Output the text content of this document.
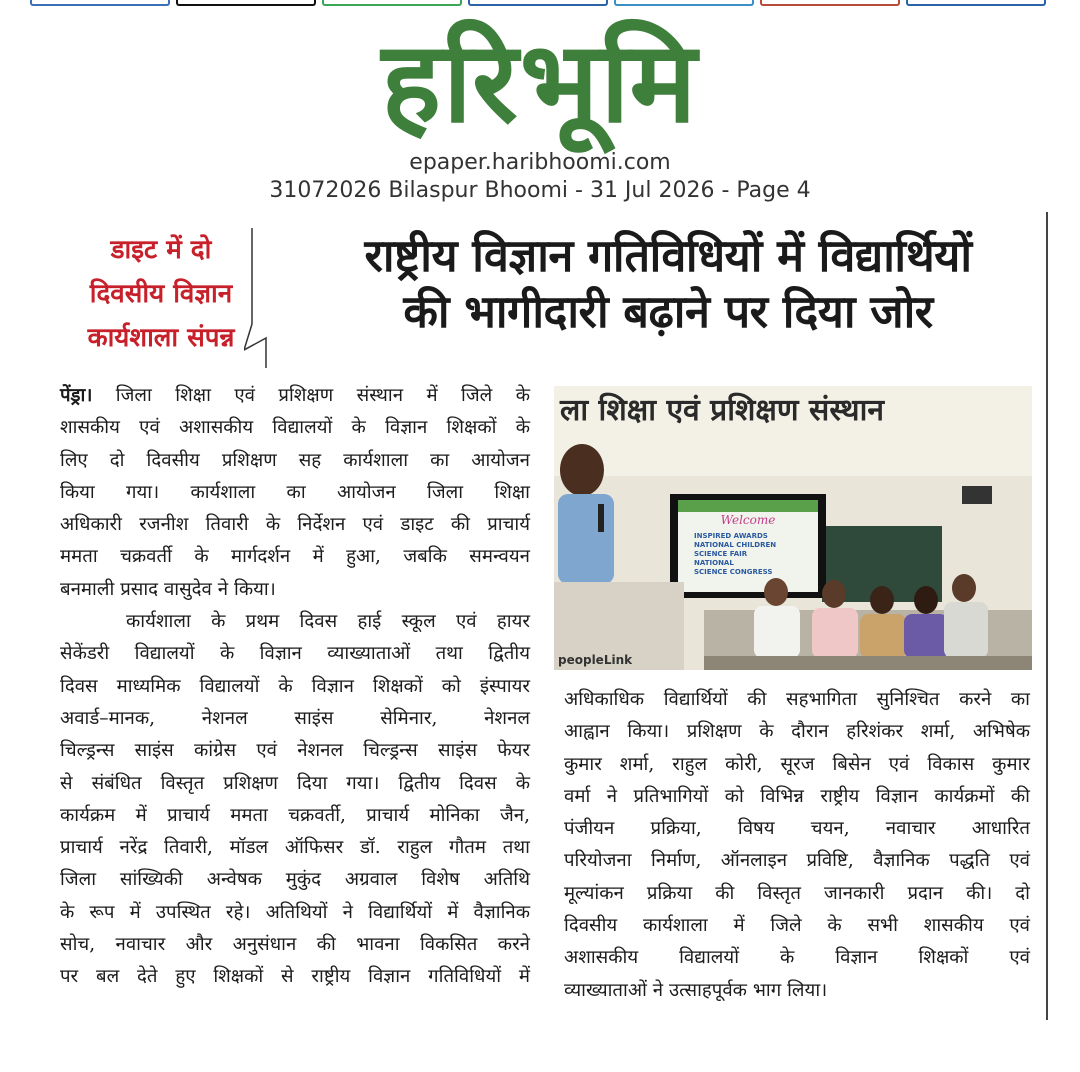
हरिभूमि
epaper.haribhoomi.com
31072026 Bilaspur Bhoomi - 31 Jul 2026 - Page 4
डाइट में दो
दिवसीय विज्ञान
कार्यशाला संपन्न
राष्ट्रीय विज्ञान गतिविधियों में विद्यार्थियों
की भागीदारी बढ़ाने पर दिया जोर
पेंड्रा। जिला शिक्षा एवं प्रशिक्षण संस्थान में जिले के
शासकीय एवं अशासकीय विद्यालयों के विज्ञान शिक्षकों के
लिए दो दिवसीय प्रशिक्षण सह कार्यशाला का आयोजन
किया गया। कार्यशाला का आयोजन जिला शिक्षा
अधिकारी रजनीश तिवारी के निर्देशन एवं डाइट की प्राचार्य
ममता चक्रवर्ती के मार्गदर्शन में हुआ, जबकि समन्वयन
बनमाली प्रसाद वासुदेव ने किया।
कार्यशाला के प्रथम दिवस हाई स्कूल एवं हायर
सेकेंडरी विद्यालयों के विज्ञान व्याख्याताओं तथा द्वितीय
दिवस माध्यमिक विद्यालयों के विज्ञान शिक्षकों को इंस्पायर
अवार्ड–मानक, नेशनल साइंस सेमिनार, नेशनल
चिल्ड्रन्स साइंस कांग्रेस एवं नेशनल चिल्ड्रन्स साइंस फेयर
से संबंधित विस्तृत प्रशिक्षण दिया गया। द्वितीय दिवस के
कार्यक्रम में प्राचार्य ममता चक्रवर्ती, प्राचार्य मोनिका जैन,
प्राचार्य नरेंद्र तिवारी, मॉडल ऑफिसर डॉ. राहुल गौतम तथा
जिला सांख्यिकी अन्वेषक मुकुंद अग्रवाल विशेष अतिथि
के रूप में उपस्थित रहे। अतिथियों ने विद्यार्थियों में वैज्ञानिक
सोच, नवाचार और अनुसंधान की भावना विकसित करने
पर बल देते हुए शिक्षकों से राष्ट्रीय विज्ञान गतिविधियों में
ला शिक्षा एवं प्रशिक्षण संस्थान
Welcome
INSPIRED AWARDS
NATIONAL CHILDREN
SCIENCE FAIR
NATIONAL
SCIENCE CONGRESS
peopleLink
अधिकाधिक विद्यार्थियों की सहभागिता सुनिश्चित करने का
आह्वान किया। प्रशिक्षण के दौरान हरिशंकर शर्मा, अभिषेक
कुमार शर्मा, राहुल कोरी, सूरज बिसेन एवं विकास कुमार
वर्मा ने प्रतिभागियों को विभिन्न राष्ट्रीय विज्ञान कार्यक्रमों की
पंजीयन प्रक्रिया, विषय चयन, नवाचार आधारित
परियोजना निर्माण, ऑनलाइन प्रविष्टि, वैज्ञानिक पद्धति एवं
मूल्यांकन प्रक्रिया की विस्तृत जानकारी प्रदान की। दो
दिवसीय कार्यशाला में जिले के सभी शासकीय एवं
अशासकीय विद्यालयों के विज्ञान शिक्षकों एवं
व्याख्याताओं ने उत्साहपूर्वक भाग लिया।
